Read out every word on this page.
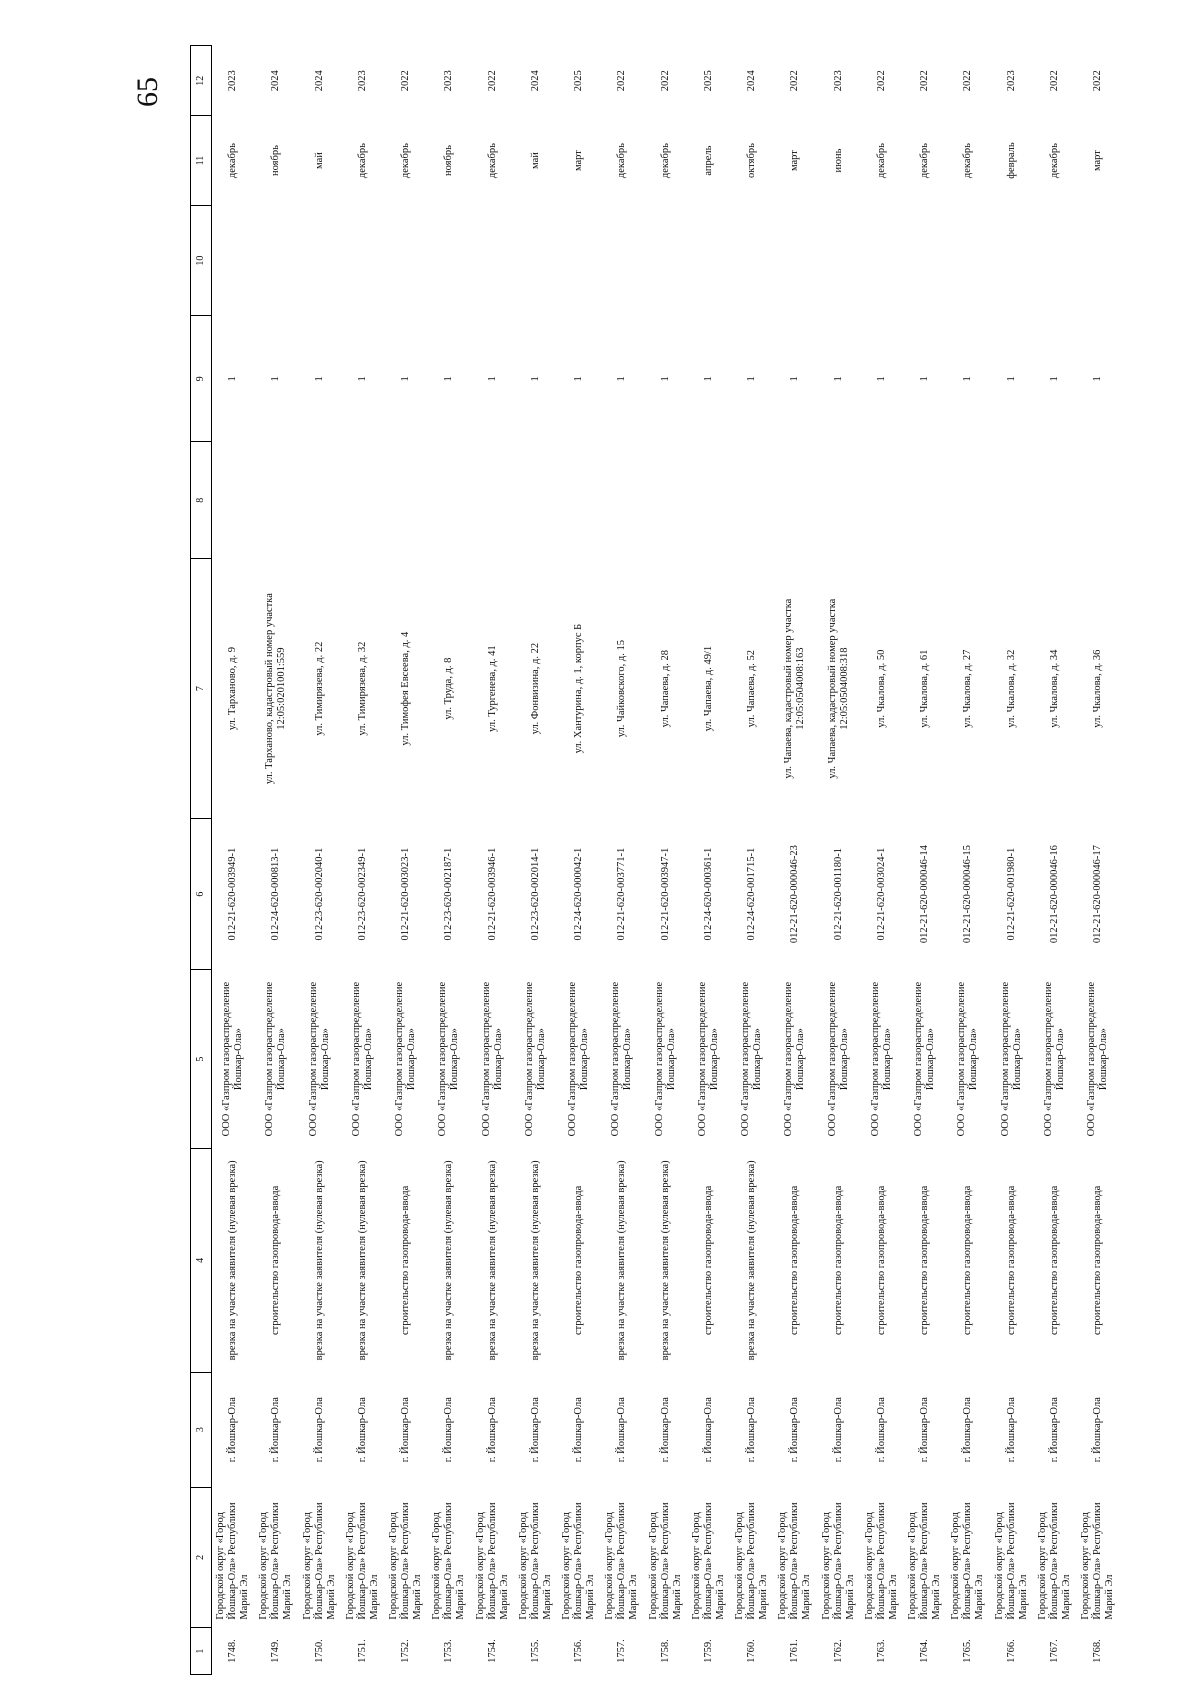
65
1	2	3	4	5	6	7	8	9	10	11	12
1748.	Городской округ «Город Йошкар-Ола» Республики Марий Эл	г. Йошкар-Ола	врезка на участке заявителя (нулевая врезка)	ООО «Газпром газораспределение Йошкар-Ола»	012-21-620-003949-1	ул. Тарханово, д. 9		1		декабрь	2023
1749.	Городской округ «Город Йошкар-Ола» Республики Марий Эл	г. Йошкар-Ола	строительство газопровода-ввода	ООО «Газпром газораспределение Йошкар-Ола»	012-24-620-000813-1	ул. Тарханово, кадастровый номер участка 12:05:0201001:559		1		ноябрь	2024
1750.	Городской округ «Город Йошкар-Ола» Республики Марий Эл	г. Йошкар-Ола	врезка на участке заявителя (нулевая врезка)	ООО «Газпром газораспределение Йошкар-Ола»	012-23-620-002040-1	ул. Тимирязева, д. 22		1		май	2024
1751.	Городской округ «Город Йошкар-Ола» Республики Марий Эл	г. Йошкар-Ола	врезка на участке заявителя (нулевая врезка)	ООО «Газпром газораспределение Йошкар-Ола»	012-23-620-002349-1	ул. Тимирязева, д. 32		1		декабрь	2023
1752.	Городской округ «Город Йошкар-Ола» Республики Марий Эл	г. Йошкар-Ола	строительство газопровода-ввода	ООО «Газпром газораспределение Йошкар-Ола»	012-21-620-003023-1	ул. Тимофея Евсеева, д. 4		1		декабрь	2022
1753.	Городской округ «Город Йошкар-Ола» Республики Марий Эл	г. Йошкар-Ола	врезка на участке заявителя (нулевая врезка)	ООО «Газпром газораспределение Йошкар-Ола»	012-23-620-002187-1	ул. Труда, д. 8		1		ноябрь	2023
1754.	Городской округ «Город Йошкар-Ола» Республики Марий Эл	г. Йошкар-Ола	врезка на участке заявителя (нулевая врезка)	ООО «Газпром газораспределение Йошкар-Ола»	012-21-620-003946-1	ул. Тургенева, д. 41		1		декабрь	2022
1755.	Городской округ «Город Йошкар-Ола» Республики Марий Эл	г. Йошкар-Ола	врезка на участке заявителя (нулевая врезка)	ООО «Газпром газораспределение Йошкар-Ола»	012-23-620-002014-1	ул. Фонвизина, д. 22		1		май	2024
1756.	Городской округ «Город Йошкар-Ола» Республики Марий Эл	г. Йошкар-Ола	строительство газопровода-ввода	ООО «Газпром газораспределение Йошкар-Ола»	012-24-620-000042-1	ул. Хантурина, д. 1, корпус Б		1		март	2025
1757.	Городской округ «Город Йошкар-Ола» Республики Марий Эл	г. Йошкар-Ола	врезка на участке заявителя (нулевая врезка)	ООО «Газпром газораспределение Йошкар-Ола»	012-21-620-003771-1	ул. Чайковского, д. 15		1		декабрь	2022
1758.	Городской округ «Город Йошкар-Ола» Республики Марий Эл	г. Йошкар-Ола	врезка на участке заявителя (нулевая врезка)	ООО «Газпром газораспределение Йошкар-Ола»	012-21-620-003947-1	ул. Чапаева, д. 28		1		декабрь	2022
1759.	Городской округ «Город Йошкар-Ола» Республики Марий Эл	г. Йошкар-Ола	строительство газопровода-ввода	ООО «Газпром газораспределение Йошкар-Ола»	012-24-620-000361-1	ул. Чапаева, д. 49/1		1		апрель	2025
1760.	Городской округ «Город Йошкар-Ола» Республики Марий Эл	г. Йошкар-Ола	врезка на участке заявителя (нулевая врезка)	ООО «Газпром газораспределение Йошкар-Ола»	012-24-620-001715-1	ул. Чапаева, д. 52		1		октябрь	2024
1761.	Городской округ «Город Йошкар-Ола» Республики Марий Эл	г. Йошкар-Ола	строительство газопровода-ввода	ООО «Газпром газораспределение Йошкар-Ола»	012-21-620-000046-23	ул. Чапаева, кадастровый номер участка 12:05:0504008:163		1		март	2022
1762.	Городской округ «Город Йошкар-Ола» Республики Марий Эл	г. Йошкар-Ола	строительство газопровода-ввода	ООО «Газпром газораспределение Йошкар-Ола»	012-21-620-001180-1	ул. Чапаева, кадастровый номер участка 12:05:0504008:318		1		июнь	2023
1763.	Городской округ «Город Йошкар-Ола» Республики Марий Эл	г. Йошкар-Ола	строительство газопровода-ввода	ООО «Газпром газораспределение Йошкар-Ола»	012-21-620-003024-1	ул. Чкалова, д. 50		1		декабрь	2022
1764.	Городской округ «Город Йошкар-Ола» Республики Марий Эл	г. Йошкар-Ола	строительство газопровода-ввода	ООО «Газпром газораспределение Йошкар-Ола»	012-21-620-000046-14	ул. Чкалова, д. 61		1		декабрь	2022
1765.	Городской округ «Город Йошкар-Ола» Республики Марий Эл	г. Йошкар-Ола	строительство газопровода-ввода	ООО «Газпром газораспределение Йошкар-Ола»	012-21-620-000046-15	ул. Чкалова, д. 27		1		декабрь	2022
1766.	Городской округ «Город Йошкар-Ола» Республики Марий Эл	г. Йошкар-Ола	строительство газопровода-ввода	ООО «Газпром газораспределение Йошкар-Ола»	012-21-620-001980-1	ул. Чкалова, д. 32		1		февраль	2023
1767.	Городской округ «Город Йошкар-Ола» Республики Марий Эл	г. Йошкар-Ола	строительство газопровода-ввода	ООО «Газпром газораспределение Йошкар-Ола»	012-21-620-000046-16	ул. Чкалова, д. 34		1		декабрь	2022
1768.	Городской округ «Город Йошкар-Ола» Республики Марий Эл	г. Йошкар-Ола	строительство газопровода-ввода	ООО «Газпром газораспределение Йошкар-Ола»	012-21-620-000046-17	ул. Чкалова, д. 36		1		март	2022
